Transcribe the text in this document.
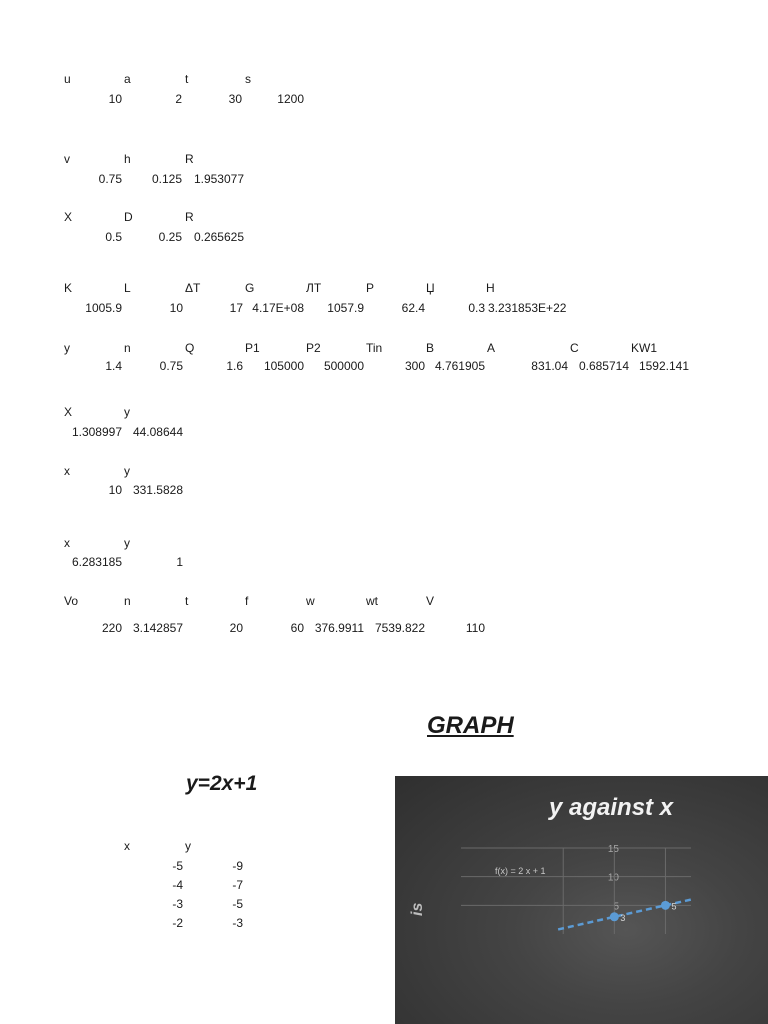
u	a	t	s
10	2	30	1200
v	h	R
0.75	0.125 1.953077
X	D	R
0.5	0.25 0.265625
K	L	ΔT	G	ЛТ	P	Џ	H
1005.9	10	17 4.17E+08	1057.9	62.4	0.3 3.231853E+22
y	n	Q	P1	P2	Tin	B	A	C	KW1
1.4	0.75	1.6	105000	500000	300 4.761905	831.04 0.685714 1592.141
X	y
1.308997 44.08644
x	y
10 331.5828
x	y
6.283185	1
Vo	n	t	f	w	wt	V
220 3.142857	20	60 376.9911 7539.822	110
GRAPH
y=2x+1
x	y
-5	-9
-4	-7
-3	-5
-2	-3
y against x
is	5
10
15
f(x) = 2 x + 1
3
5
